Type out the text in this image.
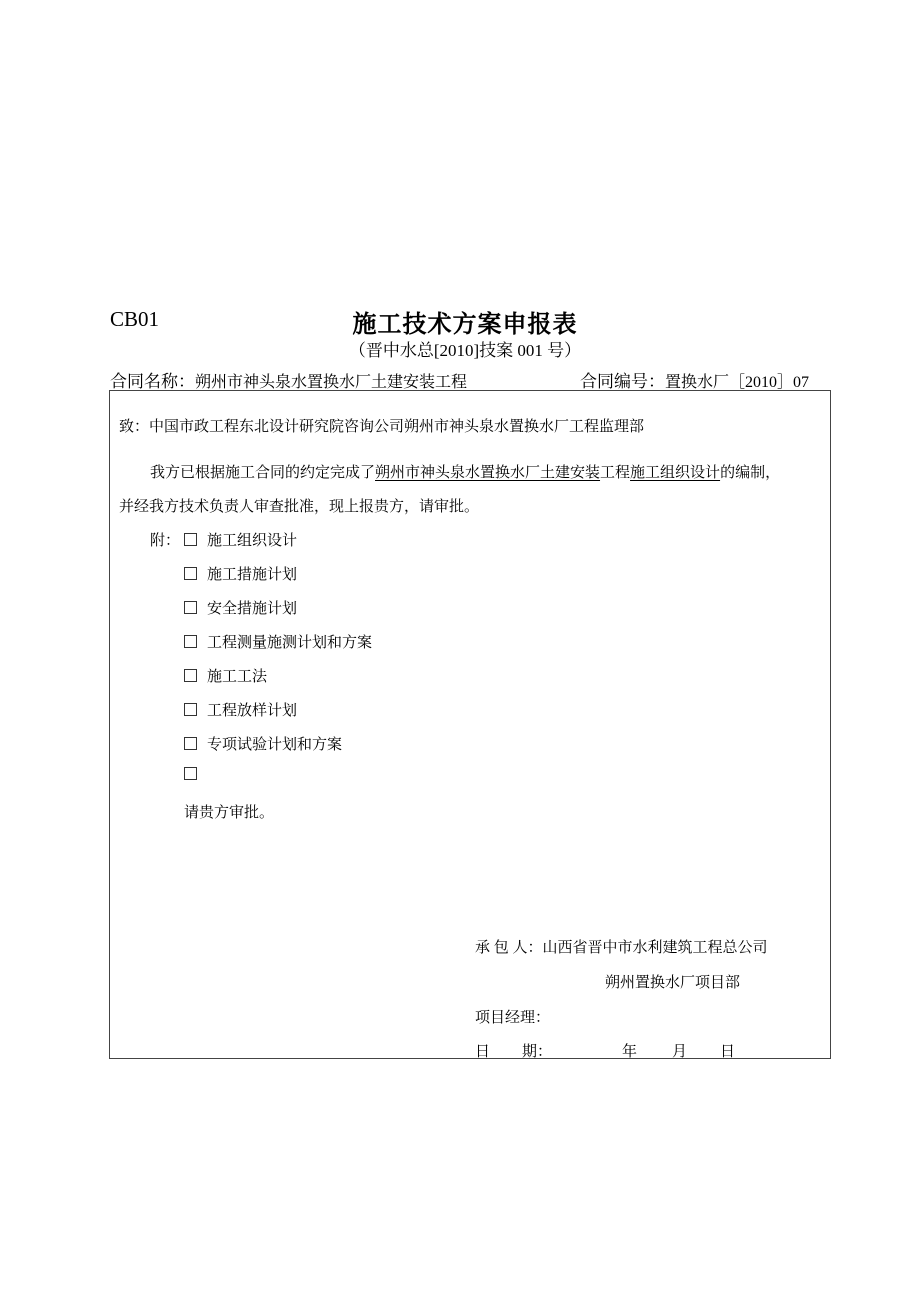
CB01	施工技术方案申报表
（晋中水总[2010]技案 001 号）
合同名称：朔州市神头泉水置换水厂土建安装工程	合同编号：置换水厂［2010］07
致：中国市政工程东北设计研究院咨询公司朔州市神头泉水置换水厂工程监理部
我方已根据施工合同的约定完成了朔州市神头泉水置换水厂土建安装工程施工组织设计的编制，
并经我方技术负责人审查批准，现上报贵方，请审批。
附：	施工组织设计
施工措施计划
安全措施计划
工程测量施测计划和方案
施工工法
工程放样计划
专项试验计划和方案
请贵方审批。
承 包 人：山西省晋中市水利建筑工程总公司
朔州置换水厂项目部
项目经理：
日 期：	年 月 日
